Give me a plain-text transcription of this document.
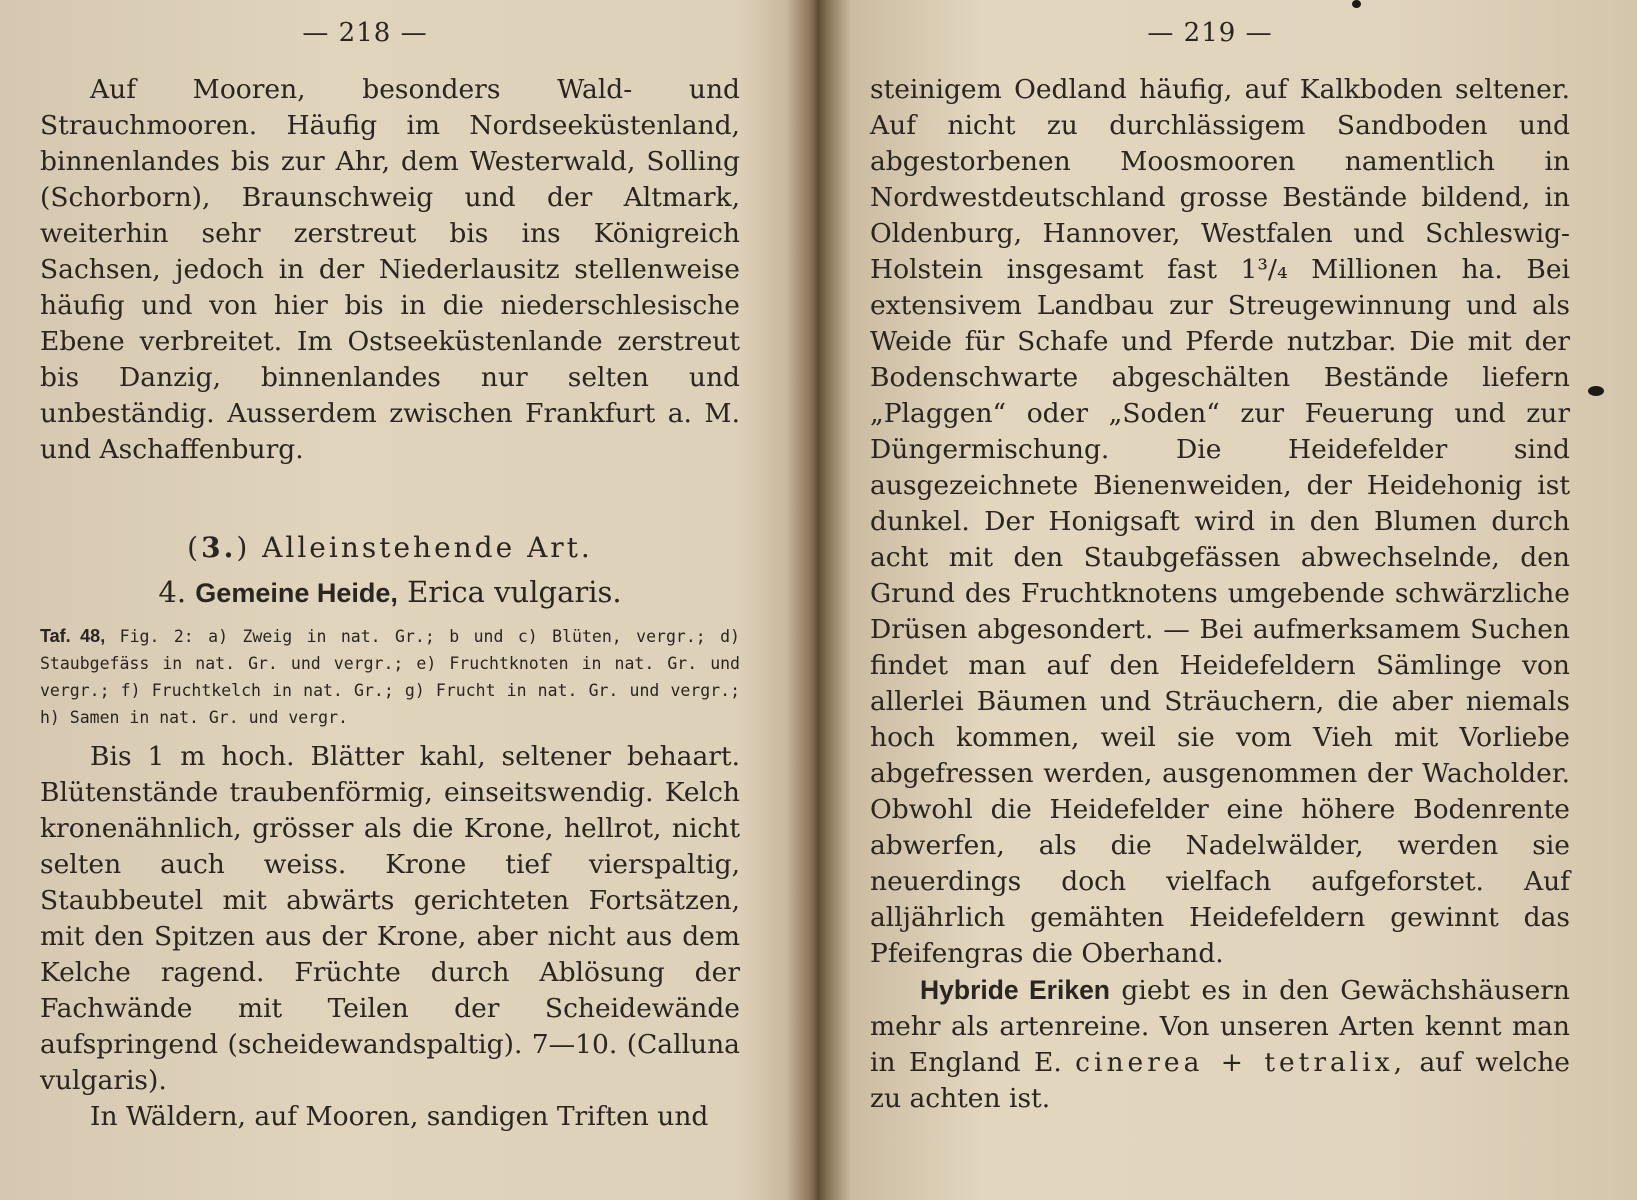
— 218 —

Auf Mooren, besonders Wald- und Strauchmooren. Häufig im Nordseeküstenland, binnenlandes bis zur Ahr, dem Westerwald, Solling (Schorborn), Braunschweig und der Altmark, weiterhin sehr zerstreut bis ins Königreich Sachsen, jedoch in der Niederlausitz stellenweise häufig und von hier bis in die niederschlesische Ebene verbreitet. Im Ostseeküstenlande zerstreut bis Danzig, binnenlandes nur selten und unbeständig. Ausserdem zwischen Frankfurt a. M. und Aschaffenburg.

(3.) Alleinstehende Art.
4. Gemeine Heide, Erica vulgaris.
Taf. 48, Fig. 2: a) Zweig in nat. Gr.; b und c) Blüten, vergr.; d) Staubgefäss in nat. Gr. und vergr.; e) Fruchtknoten in nat. Gr. und vergr.; f) Fruchtkelch in nat. Gr.; g) Frucht in nat. Gr. und vergr.; h) Samen in nat. Gr. und vergr.

Bis 1 m hoch. Blätter kahl, seltener behaart. Blütenstände traubenförmig, einseitswendig. Kelch kronenähnlich, grösser als die Krone, hellrot, nicht selten auch weiss. Krone tief vierspaltig, Staubbeutel mit abwärts gerichteten Fortsätzen, mit den Spitzen aus der Krone, aber nicht aus dem Kelche ragend. Früchte durch Ablösung der Fachwände mit Teilen der Scheidewände aufspringend (scheidewandspaltig). 7—10. (Calluna vulgaris).

In Wäldern, auf Mooren, sandigen Triften und

— 219 —

steinigem Oedland häufig, auf Kalkboden seltener. Auf nicht zu durchlässigem Sandboden und abgestorbenen Moosmooren namentlich in Nordwestdeutschland grosse Bestände bildend, in Oldenburg, Hannover, Westfalen und Schleswig-Holstein insgesamt fast 1³/₄ Millionen ha. Bei extensivem Landbau zur Streugewinnung und als Weide für Schafe und Pferde nutzbar. Die mit der Bodenschwarte abgeschälten Bestände liefern „Plaggen“ oder „Soden“ zur Feuerung und zur Düngermischung. Die Heidefelder sind ausgezeichnete Bienenweiden, der Heidehonig ist dunkel. Der Honigsaft wird in den Blumen durch acht mit den Staubgefässen abwechselnde, den Grund des Fruchtknotens umgebende schwärzliche Drüsen abgesondert. — Bei aufmerksamem Suchen findet man auf den Heidefeldern Sämlinge von allerlei Bäumen und Sträuchern, die aber niemals hoch kommen, weil sie vom Vieh mit Vorliebe abgefressen werden, ausgenommen der Wacholder. Obwohl die Heidefelder eine höhere Bodenrente abwerfen, als die Nadelwälder, werden sie neuerdings doch vielfach aufgeforstet. Auf alljährlich gemähten Heidefeldern gewinnt das Pfeifengras die Oberhand.

Hybride Eriken giebt es in den Gewächshäusern mehr als artenreine. Von unseren Arten kennt man in England E. cinerea + tetralix, auf welche zu achten ist.
